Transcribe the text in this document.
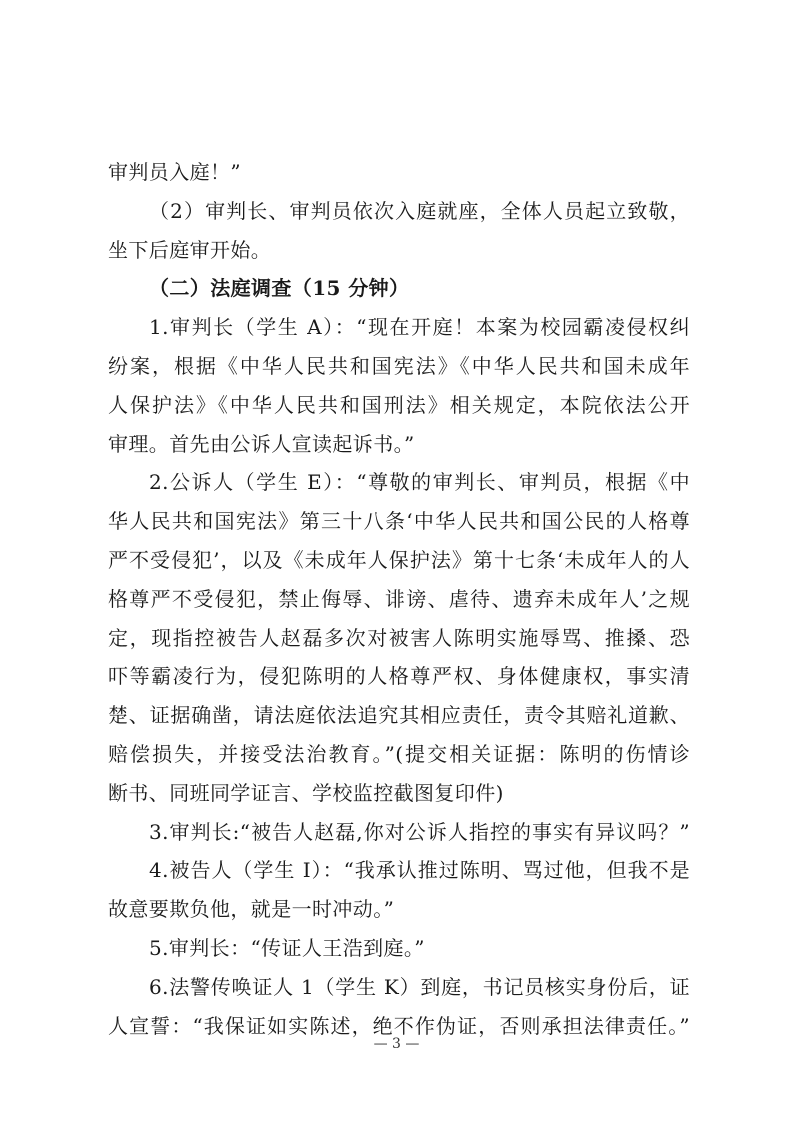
审判员入庭！”
（2）审判长、审判员依次入庭就座，全体人员起立致敬，
坐下后庭审开始。
（二）法庭调查（15 分钟）
1.审判长（学生 A）：“现在开庭！本案为校园霸凌侵权纠
纷案，根据《中华人民共和国宪法》《中华人民共和国未成年
人保护法》《中华人民共和国刑法》相关规定，本院依法公开
审理。首先由公诉人宣读起诉书。”
2.公诉人（学生 E）：“尊敬的审判长、审判员，根据《中
华人民共和国宪法》第三十八条‘中华人民共和国公民的人格尊
严不受侵犯’，以及《未成年人保护法》第十七条‘未成年人的人
格尊严不受侵犯，禁止侮辱、诽谤、虐待、遗弃未成年人’之规
定，现指控被告人赵磊多次对被害人陈明实施辱骂、推搡、恐
吓等霸凌行为，侵犯陈明的人格尊严权、身体健康权，事实清
楚、证据确凿，请法庭依法追究其相应责任，责令其赔礼道歉、
赔偿损失，并接受法治教育。”(提交相关证据：陈明的伤情诊
断书、同班同学证言、学校监控截图复印件)
3.审判长:“被告人赵磊,你对公诉人指控的事实有异议吗？”
4.被告人（学生 I）：“我承认推过陈明、骂过他，但我不是
故意要欺负他，就是一时冲动。”
5.审判长：“传证人王浩到庭。”
6.法警传唤证人 1（学生 K）到庭，书记员核实身份后，证
人宣誓：“我保证如实陈述，绝不作伪证，否则承担法律责任。”
— 3 —
